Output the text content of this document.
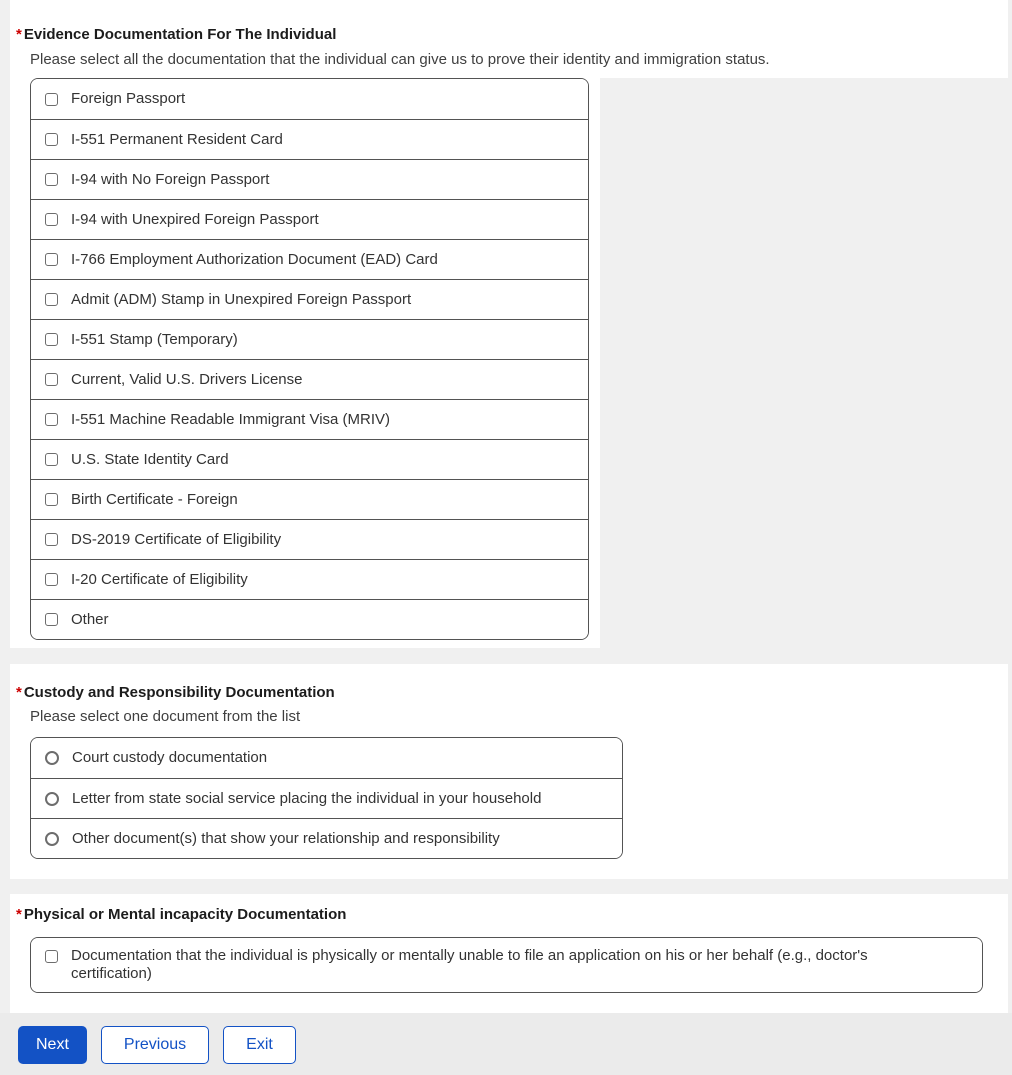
* Evidence Documentation For The Individual

Please select all the documentation that the individual can give us to prove their identity and immigration status.

Foreign Passport
I-551 Permanent Resident Card
I-94 with No Foreign Passport
I-94 with Unexpired Foreign Passport
I-766 Employment Authorization Document (EAD) Card
Admit (ADM) Stamp in Unexpired Foreign Passport
I-551 Stamp (Temporary)
Current, Valid U.S. Drivers License
I-551 Machine Readable Immigrant Visa (MRIV)
U.S. State Identity Card
Birth Certificate - Foreign
DS-2019 Certificate of Eligibility
I-20 Certificate of Eligibility
Other
* Custody and Responsibility Documentation

Please select one document from the list

Court custody documentation
Letter from state social service placing the individual in your household
Other document(s) that show your relationship and responsibility
* Physical or Mental incapacity Documentation
Documentation that the individual is physically or mentally unable to file an application on his or her behalf (e.g., doctor's certification)
Next	Previous	Exit
